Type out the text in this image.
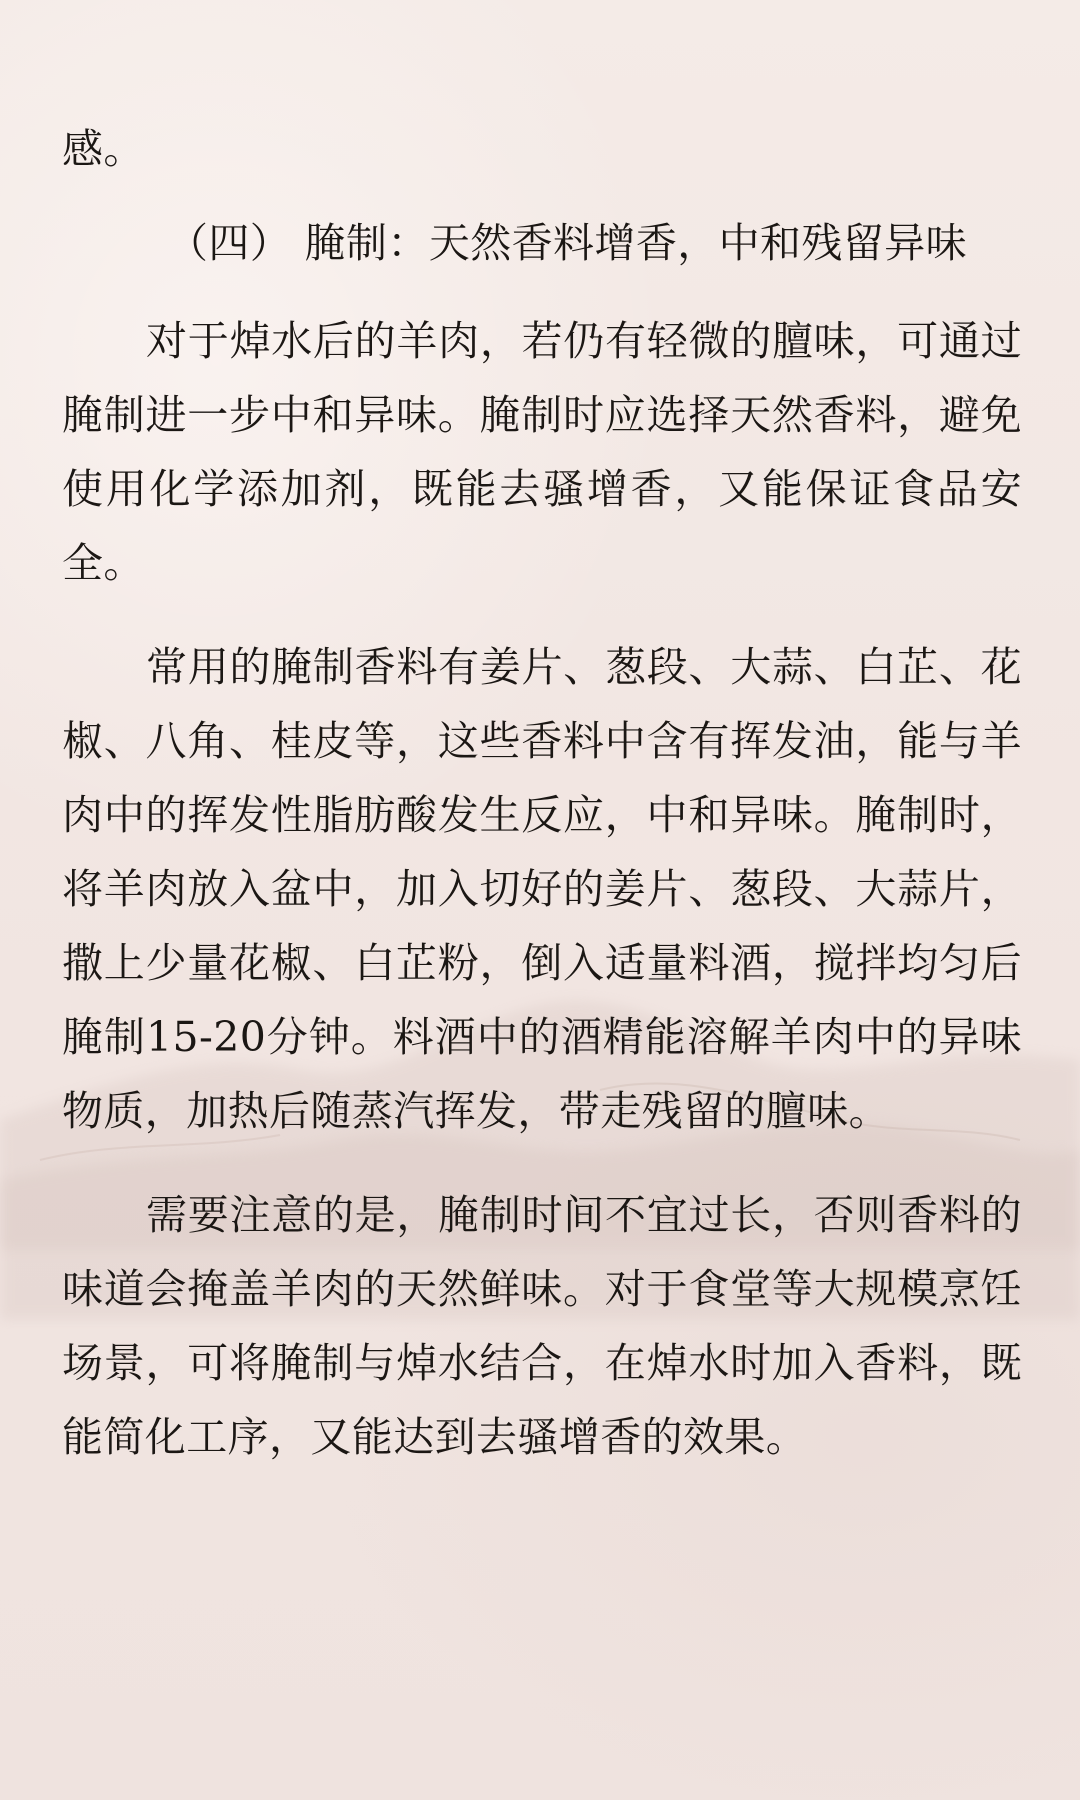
感。

（四） 腌制：天然香料增香，中和残留异味

对于焯水后的羊肉，若仍有轻微的膻味，可通过腌制进一步中和异味。腌制时应选择天然香料，避免使用化学添加剂，既能去骚增香，又能保证食品安全。

常用的腌制香料有姜片、葱段、大蒜、白芷、花椒、八角、桂皮等，这些香料中含有挥发油，能与羊肉中的挥发性脂肪酸发生反应，中和异味。腌制时，将羊肉放入盆中，加入切好的姜片、葱段、大蒜片，撒上少量花椒、白芷粉，倒入适量料酒，搅拌均匀后腌制15-20分钟。料酒中的酒精能溶解羊肉中的异味物质，加热后随蒸汽挥发，带走残留的膻味。

需要注意的是，腌制时间不宜过长，否则香料的味道会掩盖羊肉的天然鲜味。对于食堂等大规模烹饪场景，可将腌制与焯水结合，在焯水时加入香料，既能简化工序，又能达到去骚增香的效果。
